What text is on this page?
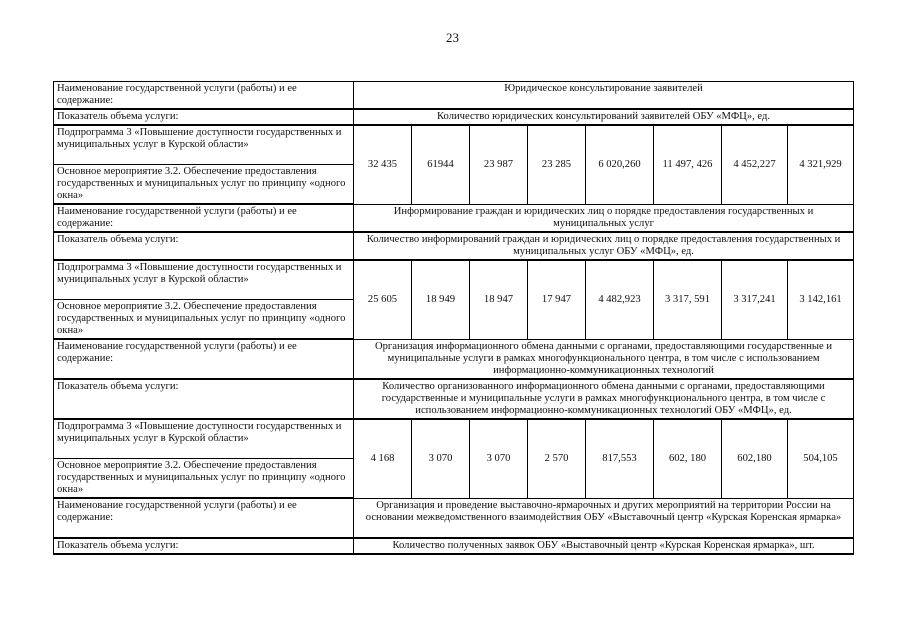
23
Наименование государственной услуги (работы) и ее содержание:	Юридическое консультирование заявителей							
Показатель объема услуги:	Количество юридических консультирований заявителей ОБУ «МФЦ», ед.							
Подпрограмма 3 «Повышение доступности государственных и муниципальных услуг в Курской области»	32 435	61944	23 987	23 285	6 020,260	11 497, 426	4 452,227	4 321,929
Основное мероприятие 3.2. Обеспечение предоставления государственных и муниципальных услуг по принципу «одного окна»								
Наименование государственной услуги (работы) и ее содержание:	Информирование граждан и юридических лиц о порядке предоставления государственных и муниципальных услуг							
Показатель объема услуги:	Количество информирований граждан и юридических лиц о порядке предоставления государственных и муниципальных услуг ОБУ «МФЦ», ед.							
Подпрограмма 3 «Повышение доступности государственных и муниципальных услуг в Курской области»	25 605	18 949	18 947	17 947	4 482,923	3 317, 591	3 317,241	3 142,161
Основное мероприятие 3.2. Обеспечение предоставления государственных и муниципальных услуг по принципу «одного окна»								
Наименование государственной услуги (работы) и ее содержание:	Организация информационного обмена данными с органами, предоставляющими государственные и муниципальные услуги в рамках многофункционального центра, в том числе с использованием информационно-коммуникационных технологий							
Показатель объема услуги:	Количество организованного информационного обмена данными с органами, предоставляющими государственные и муниципальные услуги в рамках многофункционального центра, в том числе с использованием информационно-коммуникационных технологий ОБУ «МФЦ», ед.							
Подпрограмма 3 «Повышение доступности государственных и муниципальных услуг в Курской области»	4 168	3 070	3 070	2 570	817,553	602, 180	602,180	504,105
Основное мероприятие 3.2. Обеспечение предоставления государственных и муниципальных услуг по принципу «одного окна»								
Наименование государственной услуги (работы) и ее содержание:	Организация и проведение выставочно-ярмарочных и других мероприятий на территории России на основании межведомственного взаимодействия ОБУ «Выставочный центр «Курская Коренская ярмарка»							
Показатель объема услуги:	Количество полученных заявок ОБУ «Выставочный центр «Курская Коренская ярмарка», шт.							
